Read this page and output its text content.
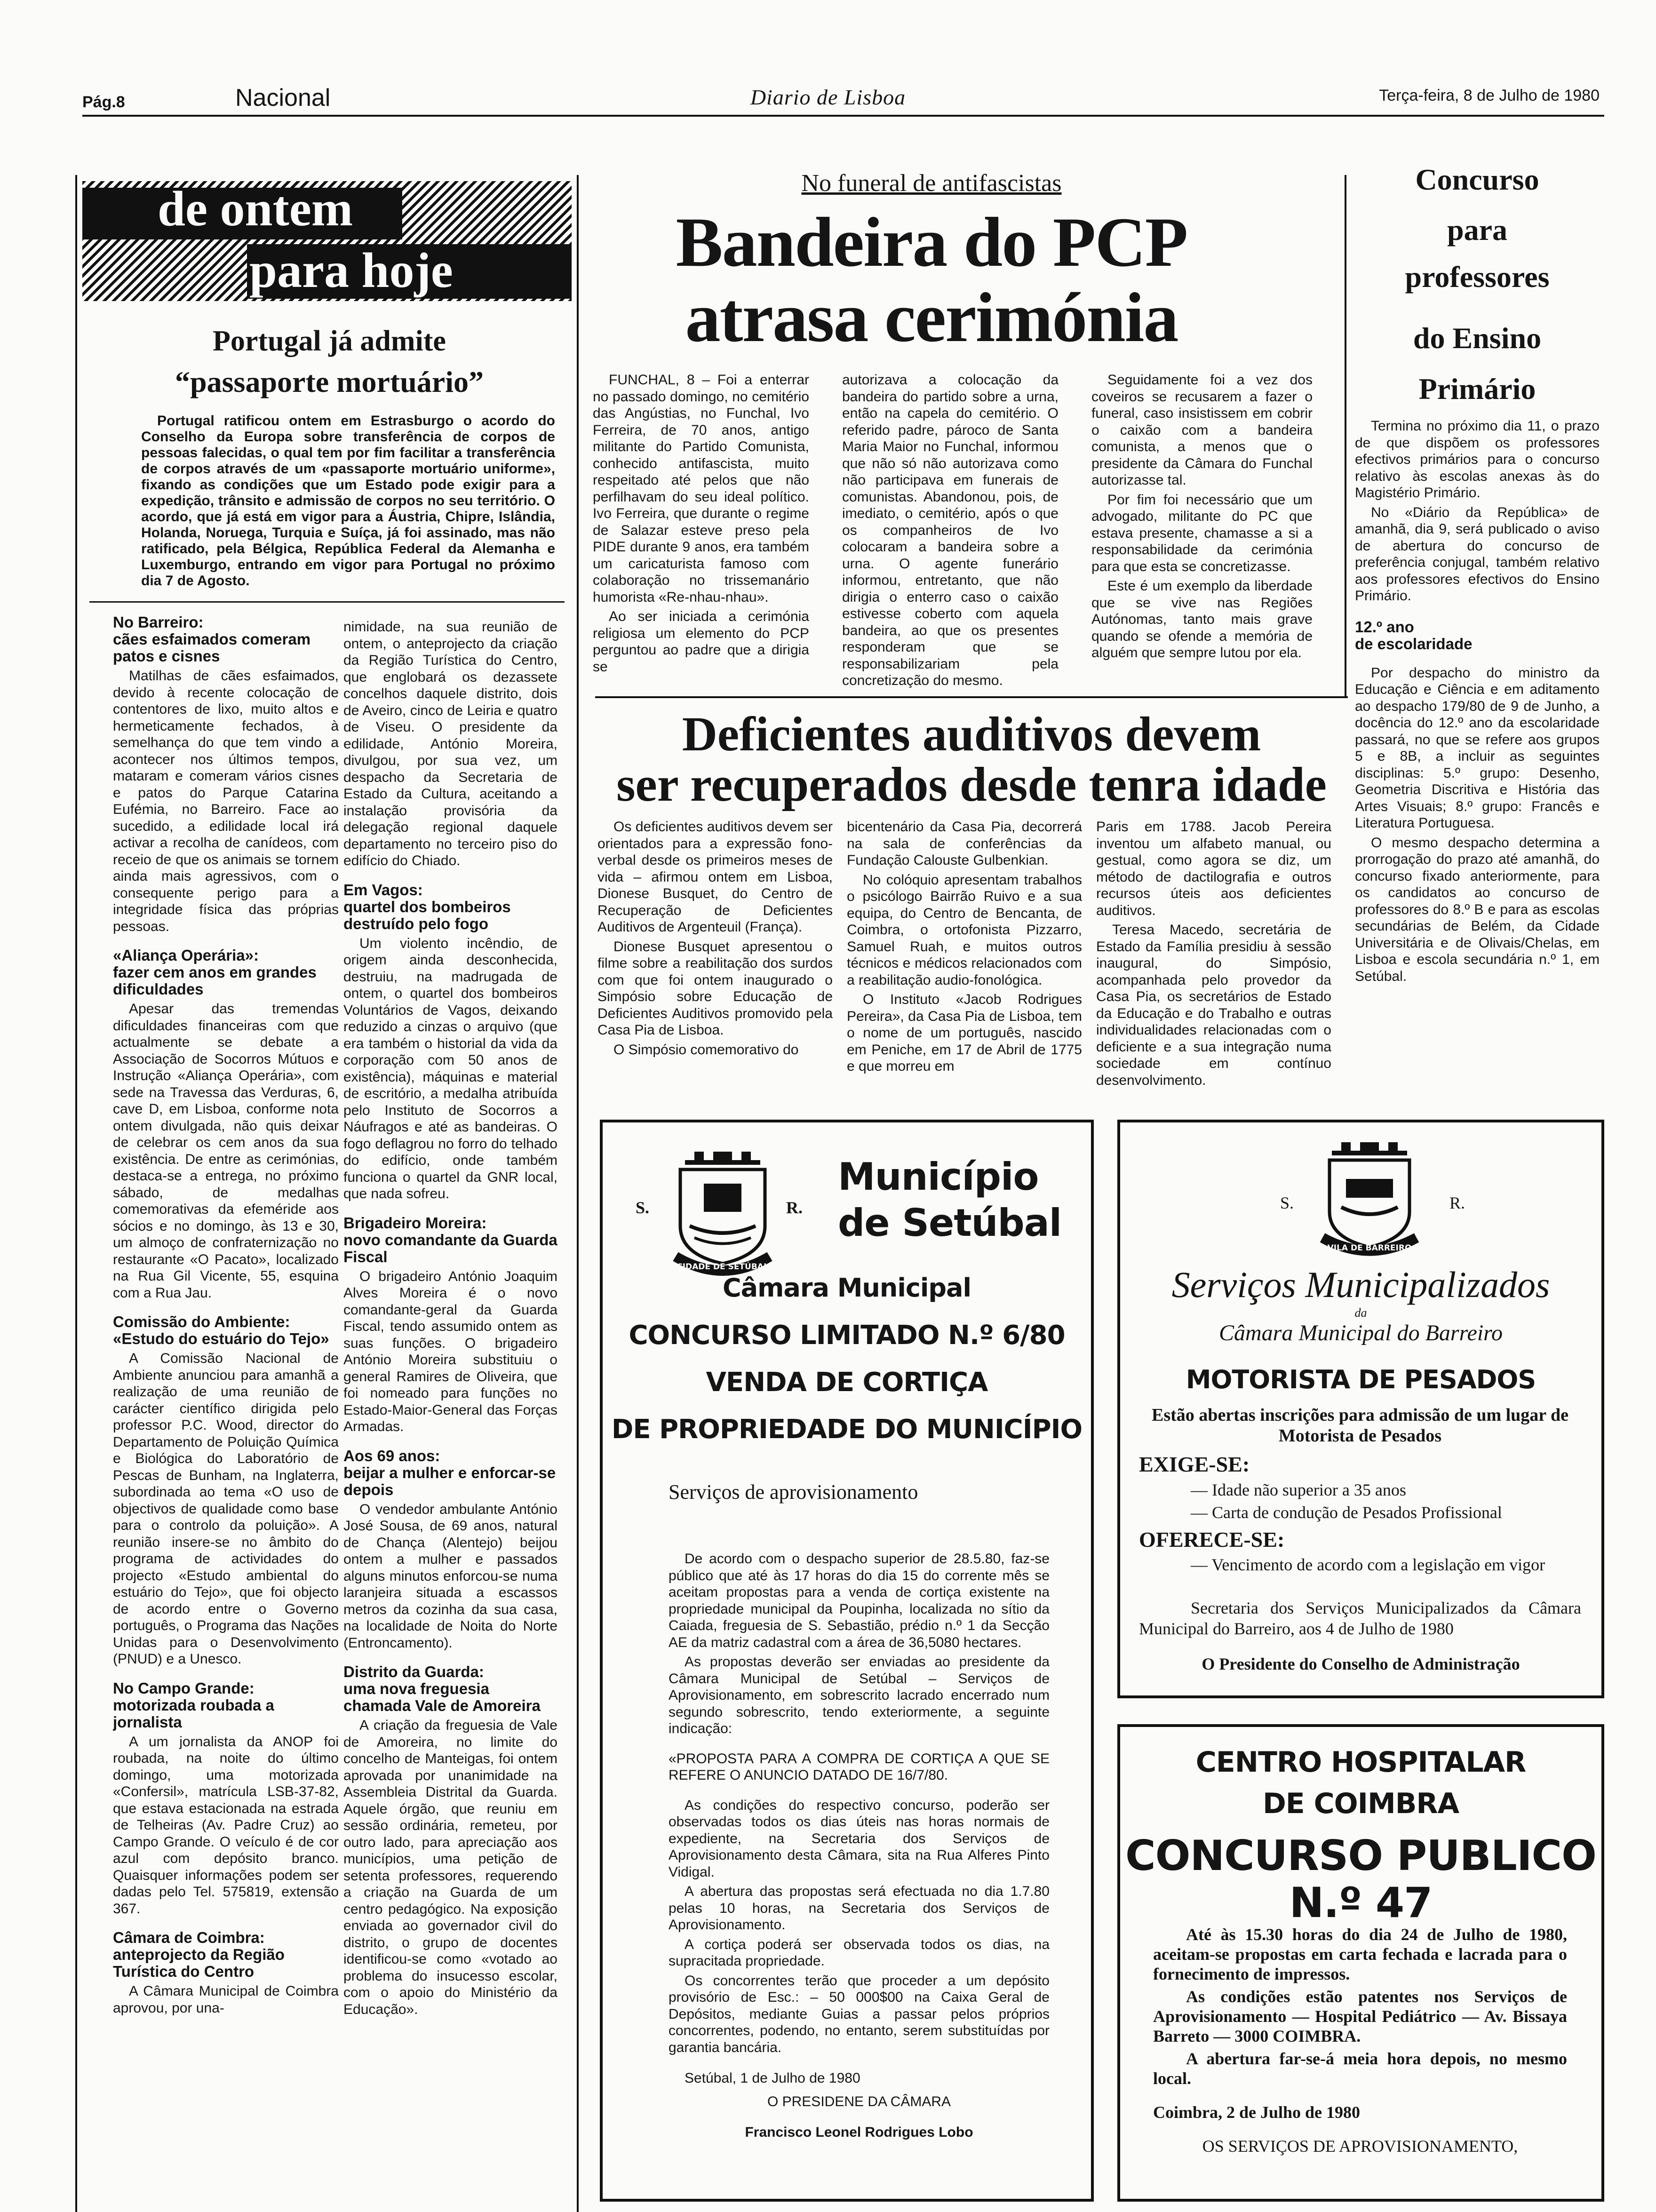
Pág.8	Nacional	Diario de Lisboa	Terça-feira, 8 de Julho de 1980
de ontem
para hoje
Portugal já admite
“passaporte mortuário”

Portugal ratificou ontem em Estrasburgo o acordo do Conselho da Europa sobre transferência de corpos de pessoas falecidas, o qual tem por fim facilitar a transferência de corpos através de um «passaporte mortuário uniforme», fixando as condições que um Estado pode exigir para a expedição, trânsito e admissão de corpos no seu território. O acordo, que já está em vigor para a Áustria, Chipre, Islândia, Holanda, Noruega, Turquia e Suíça, já foi assinado, mas não ratificado, pela Bélgica, República Federal da Alemanha e Luxemburgo, entrando em vigor para Portugal no próximo dia 7 de Agosto.

No Barreiro:
cães esfaimados comeram patos e cisnes

Matilhas de cães esfaimados, devido à recente colocação de contentores de lixo, muito altos e hermeticamente fechados, à semelhança do que tem vindo a acontecer nos últimos tempos, mataram e comeram vários cisnes e patos do Parque Catarina Eufémia, no Barreiro. Face ao sucedido, a edilidade local irá activar a recolha de canídeos, com receio de que os animais se tornem ainda mais agressivos, com o consequente perigo para a integridade física das próprias pessoas.

«Aliança Operária»:
fazer cem anos em grandes dificuldades

Apesar das tremendas dificuldades financeiras com que actualmente se debate a Associação de Socorros Mútuos e Instrução «Aliança Operária», com sede na Travessa das Verduras, 6, cave D, em Lisboa, conforme nota ontem divulgada, não quis deixar de celebrar os cem anos da sua existência. De entre as cerimónias, destaca-se a entrega, no próximo sábado, de medalhas comemorativas da efeméride aos sócios e no domingo, às 13 e 30, um almoço de confraternização no restaurante «O Pacato», localizado na Rua Gil Vicente, 55, esquina com a Rua Jau.

Comissão do Ambiente:
«Estudo do estuário do Tejo»

A Comissão Nacional de Ambiente anunciou para amanhã a realização de uma reunião de carácter científico dirigida pelo professor P.C. Wood, director do Departamento de Poluição Química e Biológica do Laboratório de Pescas de Bunham, na Inglaterra, subordinada ao tema «O uso de objectivos de qualidade como base para o controlo da poluição». A reunião insere-se no âmbito do programa de actividades do projecto «Estudo ambiental do estuário do Tejo», que foi objecto de acordo entre o Governo português, o Programa das Nações Unidas para o Desenvolvimento (PNUD) e a Unesco.

No Campo Grande:
motorizada roubada a jornalista

A um jornalista da ANOP foi roubada, na noite do último domingo, uma motorizada «Confersil», matrícula LSB-37-82, que estava estacionada na estrada de Telheiras (Av. Padre Cruz) ao Campo Grande. O veículo é de cor azul com depósito branco. Quaisquer informações podem ser dadas pelo Tel. 575819, extensão 367.

Câmara de Coimbra:
anteprojecto da Região Turística do Centro

A Câmara Municipal de Coimbra aprovou, por una-

nimidade, na sua reunião de ontem, o anteprojecto da criação da Região Turística do Centro, que englobará os dezassete concelhos daquele distrito, dois de Aveiro, cinco de Leiria e quatro de Viseu. O presidente da edilidade, António Moreira, divulgou, por sua vez, um despacho da Secretaria de Estado da Cultura, aceitando a instalação provisória da delegação regional daquele departamento no terceiro piso do edifício do Chiado.

Em Vagos:
quartel dos bombeiros destruído pelo fogo

Um violento incêndio, de origem ainda desconhecida, destruiu, na madrugada de ontem, o quartel dos bombeiros Voluntários de Vagos, deixando reduzido a cinzas o arquivo (que era também o historial da vida da corporação com 50 anos de existência), máquinas e material de escritório, a medalha atribuída pelo Instituto de Socorros a Náufragos e até as bandeiras. O fogo deflagrou no forro do telhado do edifício, onde também funciona o quartel da GNR local, que nada sofreu.

Brigadeiro Moreira:
novo comandante da Guarda Fiscal

O brigadeiro António Joaquim Alves Moreira é o novo comandante-geral da Guarda Fiscal, tendo assumido ontem as suas funções. O brigadeiro António Moreira substituiu o general Ramires de Oliveira, que foi nomeado para funções no Estado-Maior-General das Forças Armadas.

Aos 69 anos:
beijar a mulher e enforcar-se depois

O vendedor ambulante António José Sousa, de 69 anos, natural de Chança (Alentejo) beijou ontem a mulher e passados alguns minutos enforcou-se numa laranjeira situada a escassos metros da cozinha da sua casa, na localidade de Noita do Norte (Entroncamento).

Distrito da Guarda:
uma nova freguesia chamada Vale de Amoreira

A criação da freguesia de Vale de Amoreira, no limite do concelho de Manteigas, foi ontem aprovada por unanimidade na Assembleia Distrital da Guarda. Aquele órgão, que reuniu em sessão ordinária, remeteu, por outro lado, para apreciação aos municípios, uma petição de setenta professores, requerendo a criação na Guarda de um centro pedagógico. Na exposição enviada ao governador civil do distrito, o grupo de docentes identificou-se como «votado ao problema do insucesso escolar, com o apoio do Ministério da Educação».

No funeral de antifascistas
Bandeira do PCP
atrasa cerimónia

FUNCHAL, 8 – Foi a enterrar no passado domingo, no cemitério das Angústias, no Funchal, Ivo Ferreira, de 70 anos, antigo militante do Partido Comunista, conhecido antifascista, muito respeitado até pelos que não perfilhavam do seu ideal político. Ivo Ferreira, que durante o regime de Salazar esteve preso pela PIDE durante 9 anos, era também um caricaturista famoso com colaboração no trissemanário humorista «Re-nhau-nhau».

Ao ser iniciada a cerimónia religiosa um elemento do PCP perguntou ao padre que a dirigia se

autorizava a colocação da bandeira do partido sobre a urna, então na capela do cemitério. O referido padre, pároco de Santa Maria Maior no Funchal, informou que não só não autorizava como não participava em funerais de comunistas. Abandonou, pois, de imediato, o cemitério, após o que os companheiros de Ivo colocaram a bandeira sobre a urna. O agente funerário informou, entretanto, que não dirigia o enterro caso o caixão estivesse coberto com aquela bandeira, ao que os presentes responderam que se responsabilizariam pela concretização do mesmo.

Seguidamente foi a vez dos coveiros se recusarem a fazer o funeral, caso insistissem em cobrir o caixão com a bandeira comunista, a menos que o presidente da Câmara do Funchal autorizasse tal.

Por fim foi necessário que um advogado, militante do PC que estava presente, chamasse a si a responsabilidade da cerimónia para que esta se concretizasse.

Este é um exemplo da liberdade que se vive nas Regiões Autónomas, tanto mais grave quando se ofende a memória de alguém que sempre lutou por ela.

Concurso
para
professores
do Ensino
Primário

Termina no próximo dia 11, o prazo de que dispõem os professores efectivos primários para o concurso relativo às escolas anexas às do Magistério Primário.

No «Diário da República» de amanhã, dia 9, será publicado o aviso de abertura do concurso de preferência conjugal, também relativo aos professores efectivos do Ensino Primário.

12.º ano
de escolaridade

Por despacho do ministro da Educação e Ciência e em aditamento ao despacho 179/80 de 9 de Junho, a docência do 12.º ano da escolaridade passará, no que se refere aos grupos 5 e 8B, a incluir as seguintes disciplinas: 5.º grupo: Desenho, Geometria Discritiva e História das Artes Visuais; 8.º grupo: Francês e Literatura Portuguesa.

O mesmo despacho determina a prorrogação do prazo até amanhã, do concurso fixado anteriormente, para os candidatos ao concurso de professores do 8.º B e para as escolas secundárias de Belém, da Cidade Universitária e de Olivais/Chelas, em Lisboa e escola secundária n.º 1, em Setúbal.

Deficientes auditivos devem
ser recuperados desde tenra idade

Os deficientes auditivos devem ser orientados para a expressão fono-verbal desde os primeiros meses de vida – afirmou ontem em Lisboa, Dionese Busquet, do Centro de Recuperação de Deficientes Auditivos de Argenteuil (França).

Dionese Busquet apresentou o filme sobre a reabilitação dos surdos com que foi ontem inaugurado o Simpósio sobre Educação de Deficientes Auditivos promovido pela Casa Pia de Lisboa.

O Simpósio comemorativo do

bicentenário da Casa Pia, decorrerá na sala de conferências da Fundação Calouste Gulbenkian.

No colóquio apresentam trabalhos o psicólogo Bairrão Ruivo e a sua equipa, do Centro de Bencanta, de Coimbra, o ortofonista Pizzarro, Samuel Ruah, e muitos outros técnicos e médicos relacionados com a reabilitação audio-fonológica.

O Instituto «Jacob Rodrigues Pereira», da Casa Pia de Lisboa, tem o nome de um português, nascido em Peniche, em 17 de Abril de 1775 e que morreu em

Paris em 1788. Jacob Pereira inventou um alfabeto manual, ou gestual, como agora se diz, um método de dactilografia e outros recursos úteis aos deficientes auditivos.

Teresa Macedo, secretária de Estado da Família presidiu à sessão inaugural, do Simpósio, acompanhada pelo provedor da Casa Pia, os secretários de Estado da Educação e do Trabalho e outras individualidades relacionadas com o deficiente e a sua integração numa sociedade em contínuo desenvolvimento.

S.	R.
CIDADE DE SETÚBAL
Município
de Setúbal
Câmara Municipal
CONCURSO LIMITADO N.º 6/80
VENDA DE CORTIÇA
DE PROPRIEDADE DO MUNICÍPIO
Serviços de aprovisionamento

De acordo com o despacho superior de 28.5.80, faz-se público que até às 17 horas do dia 15 do corrente mês se aceitam propostas para a venda de cortiça existente na propriedade municipal da Poupinha, localizada no sítio da Caiada, freguesia de S. Sebastião, prédio n.º 1 da Secção AE da matriz cadastral com a área de 36,5080 hectares.

As propostas deverão ser enviadas ao presidente da Câmara Municipal de Setúbal – Serviços de Aprovisionamento, em sobrescrito lacrado encerrado num segundo sobrescrito, tendo exteriormente, a seguinte indicação:

«PROPOSTA PARA A COMPRA DE CORTIÇA A QUE SE REFERE O ANUNCIO DATADO DE 16/7/80.

As condições do respectivo concurso, poderão ser observadas todos os dias úteis nas horas normais de expediente, na Secretaria dos Serviços de Aprovisionamento desta Câmara, sita na Rua Alferes Pinto Vidigal.

A abertura das propostas será efectuada no dia 1.7.80 pelas 10 horas, na Secretaria dos Serviços de Aprovisionamento.

A cortiça poderá ser observada todos os dias, na supracitada propriedade.

Os concorrentes terão que proceder a um depósito provisório de Esc.: – 50 000$00 na Caixa Geral de Depósitos, mediante Guias a passar pelos próprios concorrentes, podendo, no entanto, serem substituídas por garantia bancária.

Setúbal, 1 de Julho de 1980

O PRESIDENE DA CÂMARA

Francisco Leonel Rodrigues Lobo

S.	R.
VILA DE BARREIRO
Serviços Municipalizados
da
Câmara Municipal do Barreiro
MOTORISTA DE PESADOS
Estão abertas inscrições para admissão de um lugar de Motorista de Pesados
EXIGE-SE:
— Idade não superior a 35 anos
— Carta de condução de Pesados Profissional
OFERECE-SE:
— Vencimento de acordo com a legislação em vigor
Secretaria dos Serviços Municipalizados da Câmara Municipal do Barreiro, aos 4 de Julho de 1980
O Presidente do Conselho de Administração
CENTRO HOSPITALAR
DE COIMBRA
CONCURSO PUBLICO
N.º 47

Até às 15.30 horas do dia 24 de Julho de 1980, aceitam-se propostas em carta fechada e lacrada para o fornecimento de impressos.

As condições estão patentes nos Serviços de Aprovisionamento — Hospital Pediátrico — Av. Bissaya Barreto — 3000 COIMBRA.

A abertura far-se-á meia hora depois, no mesmo local.

Coimbra, 2 de Julho de 1980

OS SERVIÇOS DE APROVISIONAMENTO,
